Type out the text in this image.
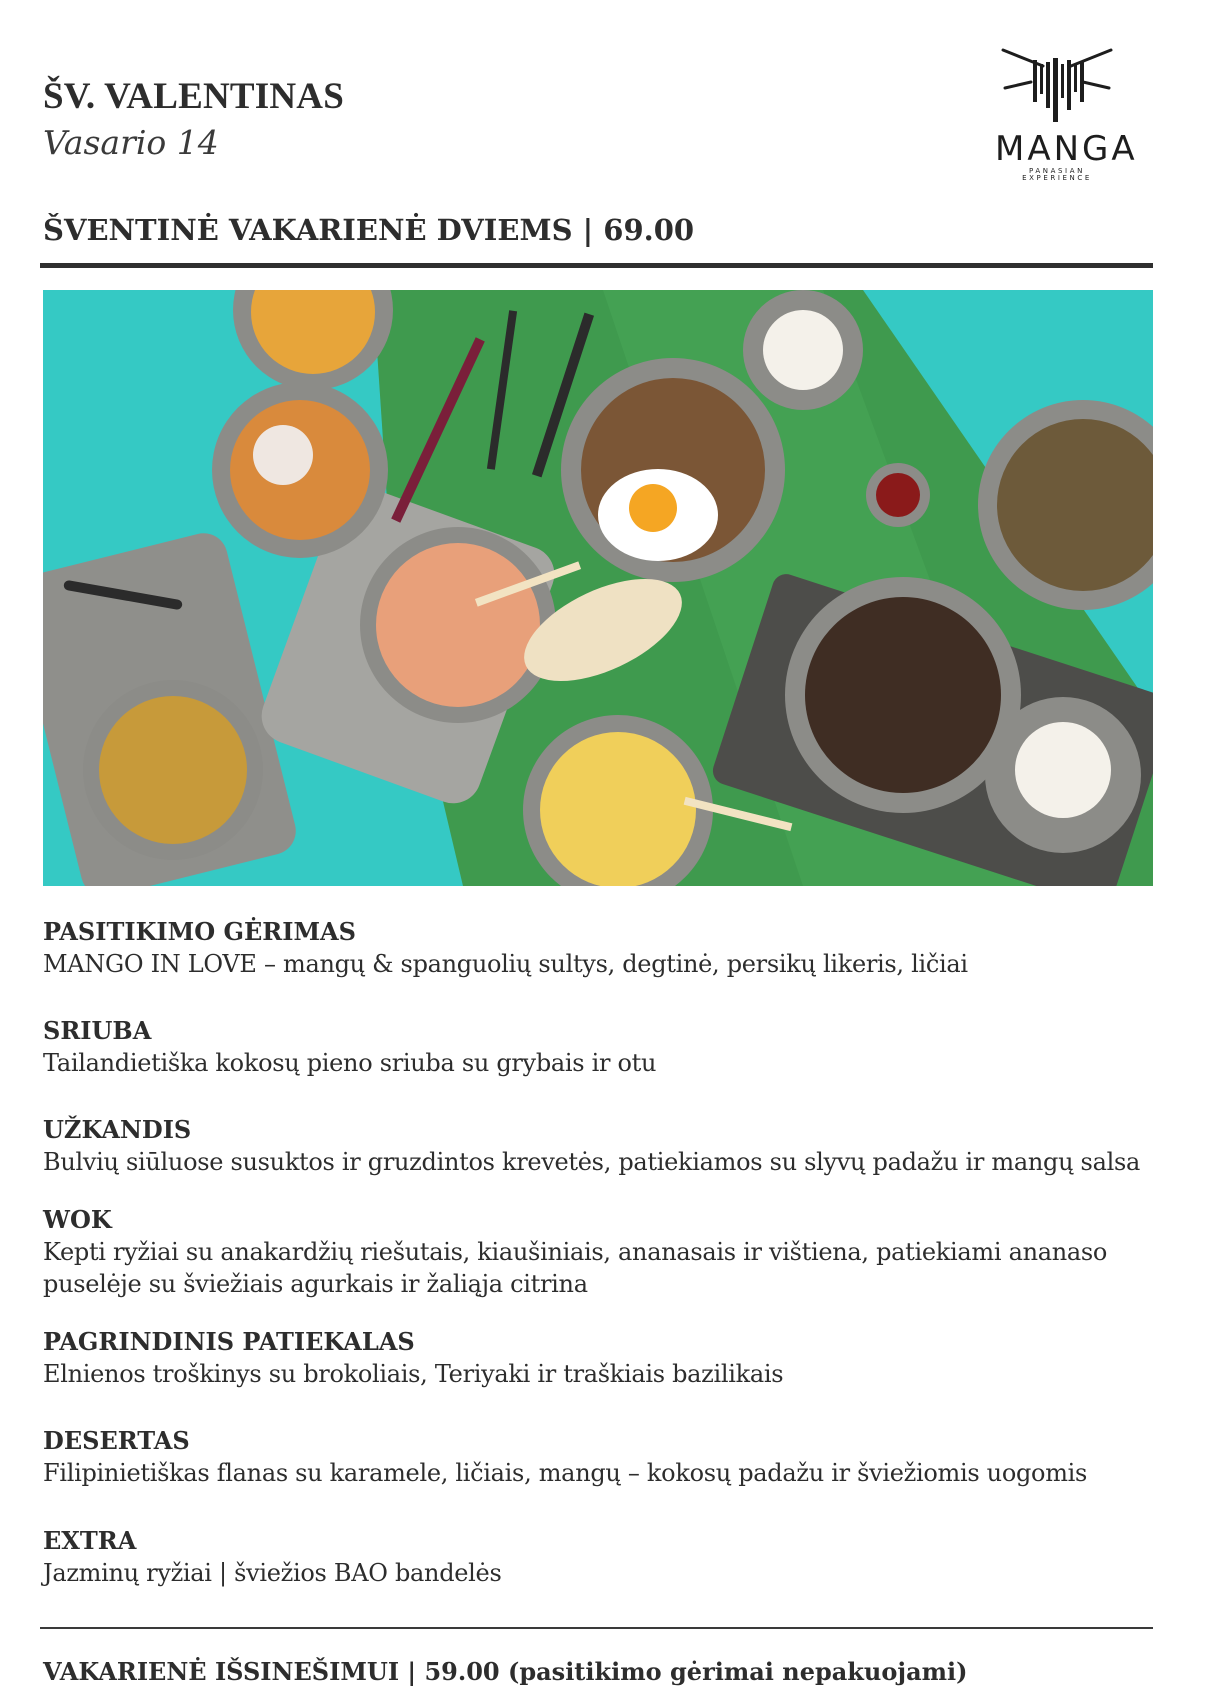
ŠV. VALENTINAS

Vasario 14	MANGA
PANASIAN EXPERIENCE
ŠVENTINĖ VAKARIENĖ DVIEMS | 69.00

PASITIKIMO GĖRIMAS

MANGO IN LOVE – mangų & spanguolių sultys, degtinė, persikų likeris, ličiai

SRIUBA

Tailandietiška kokosų pieno sriuba su grybais ir otu

UŽKANDIS

Bulvių siūluose susuktos ir gruzdintos krevetės, patiekiamos su slyvų padažu ir mangų salsa

WOK

Kepti ryžiai su anakardžių riešutais, kiaušiniais, ananasais ir vištiena, patiekiami ananaso

puselėje su šviežiais agurkais ir žaliąja citrina

PAGRINDINIS PATIEKALAS

Elnienos troškinys su brokoliais, Teriyaki ir traškiais bazilikais

DESERTAS

Filipinietiškas flanas su karamele, ličiais, mangų – kokosų padažu ir šviežiomis uogomis

EXTRA

Jazminų ryžiai | šviežios BAO bandelės

VAKARIENĖ IŠSINEŠIMUI | 59.00 (pasitikimo gėrimai nepakuojami)
